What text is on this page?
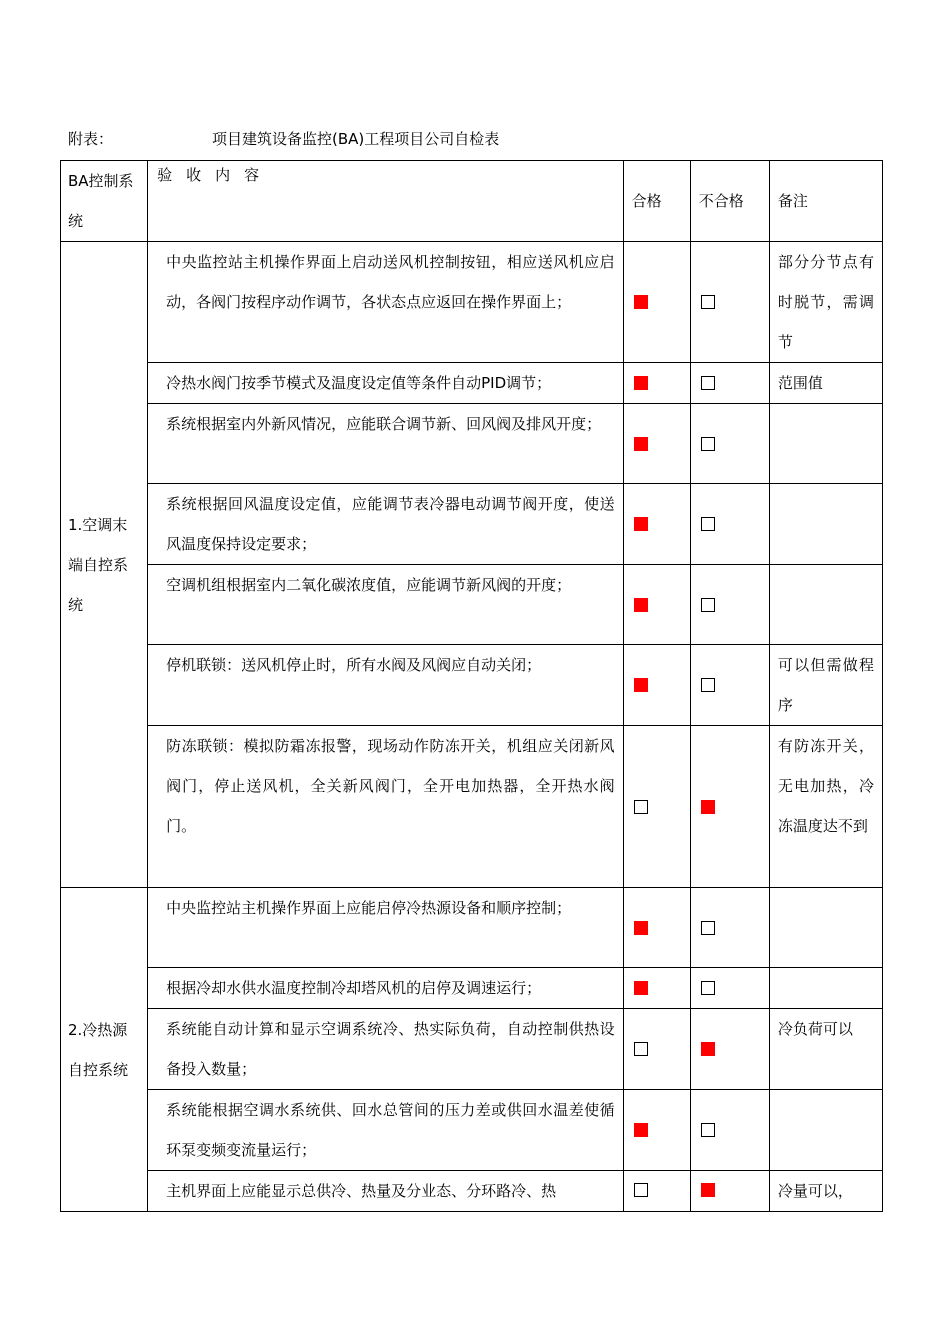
附表：	项目建筑设备监控(BA)工程项目公司自检表
BA控制系统	验收内容	合格	不合格	备注

1.空调末端自控系统	中央监控站主机操作界面上启动送风机控制按钮，相应送风机应启动，各阀门按程序动作调节，各状态点应返回在操作界面上；			部分分节点有时脱节，需调节

	冷热水阀门按季节模式及温度设定值等条件自动PID调节；			范围值

	系统根据室内外新风情况，应能联合调节新、回风阀及排风开度；			

	系统根据回风温度设定值，应能调节表冷器电动调节阀开度，使送风温度保持设定要求；			

	空调机组根据室内二氧化碳浓度值，应能调节新风阀的开度；			

	停机联锁：送风机停止时，所有水阀及风阀应自动关闭；			可以但需做程序

	防冻联锁：模拟防霜冻报警，现场动作防冻开关，机组应关闭新风阀门，停止送风机，全关新风阀门，全开电加热器，全开热水阀门。			有防冻开关，无电加热，冷冻温度达不到

2.冷热源自控系统	中央监控站主机操作界面上应能启停冷热源设备和顺序控制；			

	根据冷却水供水温度控制冷却塔风机的启停及调速运行；			

	系统能自动计算和显示空调系统冷、热实际负荷，自动控制供热设备投入数量；			冷负荷可以

	系统能根据空调水系统供、回水总管间的压力差或供回水温差使循环泵变频变流量运行；			

	主机界面上应能显示总供冷、热量及分业态、分环路冷、热			冷量可以，
